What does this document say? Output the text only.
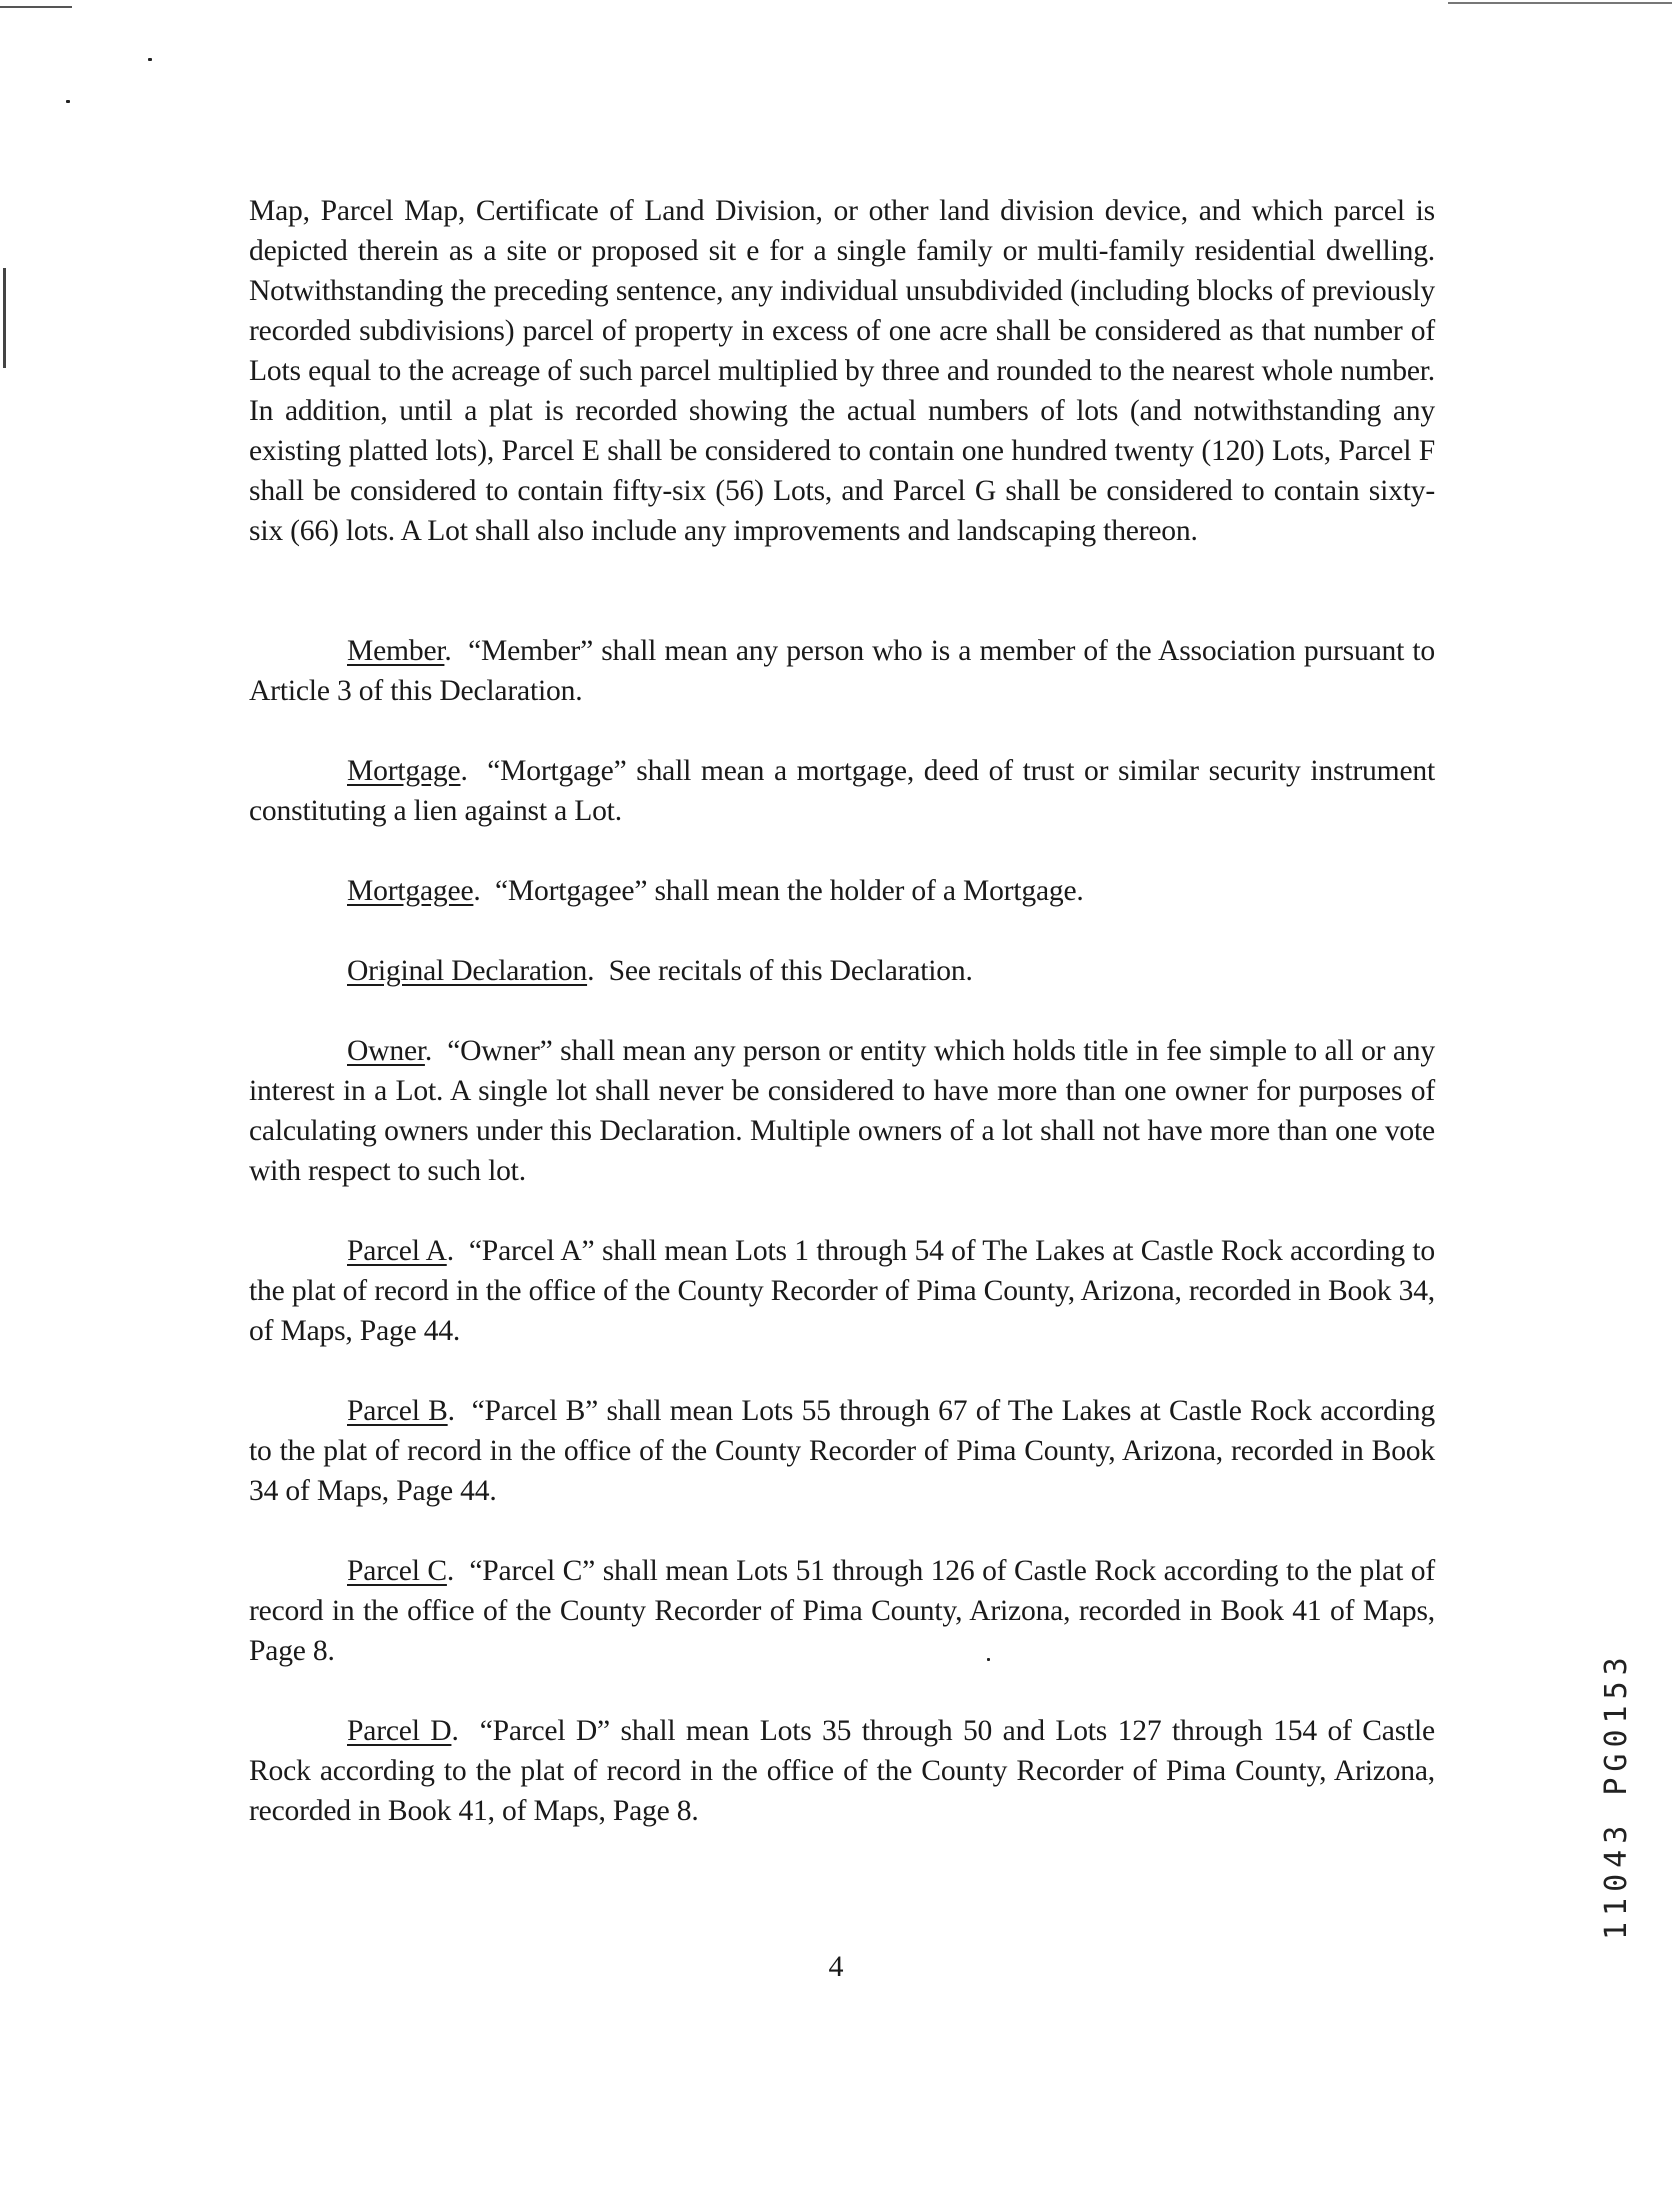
Map, Parcel Map, Certificate of Land Division, or other land division device, and which parcel is depicted therein as a site or proposed sit e for a single family or multi-family residential dwelling. Notwithstanding the preceding sentence, any individual unsubdivided (including blocks of previously recorded subdivisions) parcel of property in excess of one acre shall be considered as that number of Lots equal to the acreage of such parcel multiplied by three and rounded to the nearest whole number. In addition, until a plat is recorded showing the actual numbers of lots (and notwithstanding any existing platted lots), Parcel E shall be considered to contain one hundred twenty (120) Lots, Parcel F shall be considered to contain fifty-six (56) Lots, and Parcel G shall be considered to contain sixty-six (66) lots. A Lot shall also include any improvements and landscaping thereon.

Member.  “Member” shall mean any person who is a member of the Association pursuant to Article 3 of this Declaration.

Mortgage.  “Mortgage” shall mean a mortgage, deed of trust or similar security instrument constituting a lien against a Lot.

Mortgagee.  “Mortgagee” shall mean the holder of a Mortgage.

Original Declaration.  See recitals of this Declaration.

Owner.  “Owner” shall mean any person or entity which holds title in fee simple to all or any interest in a Lot. A single lot shall never be considered to have more than one owner for purposes of calculating owners under this Declaration. Multiple owners of a lot shall not have more than one vote with respect to such lot.

Parcel A.  “Parcel A” shall mean Lots 1 through 54 of The Lakes at Castle Rock according to the plat of record in the office of the County Recorder of Pima County, Arizona, recorded in Book 34, of Maps, Page 44.

Parcel B.  “Parcel B” shall mean Lots 55 through 67 of The Lakes at Castle Rock according to the plat of record in the office of the County Recorder of Pima County, Arizona, recorded in Book 34 of Maps, Page 44.

Parcel C.  “Parcel C” shall mean Lots 51 through 126 of Castle Rock according to the plat of record in the office of the County Recorder of Pima County, Arizona, recorded in Book 41 of Maps, Page 8.

Parcel D.  “Parcel D” shall mean Lots 35 through 50 and Lots 127 through 154 of Castle Rock according to the plat of record in the office of the County Recorder of Pima County, Arizona, recorded in Book 41, of Maps, Page 8.

4
11043 PG0153
